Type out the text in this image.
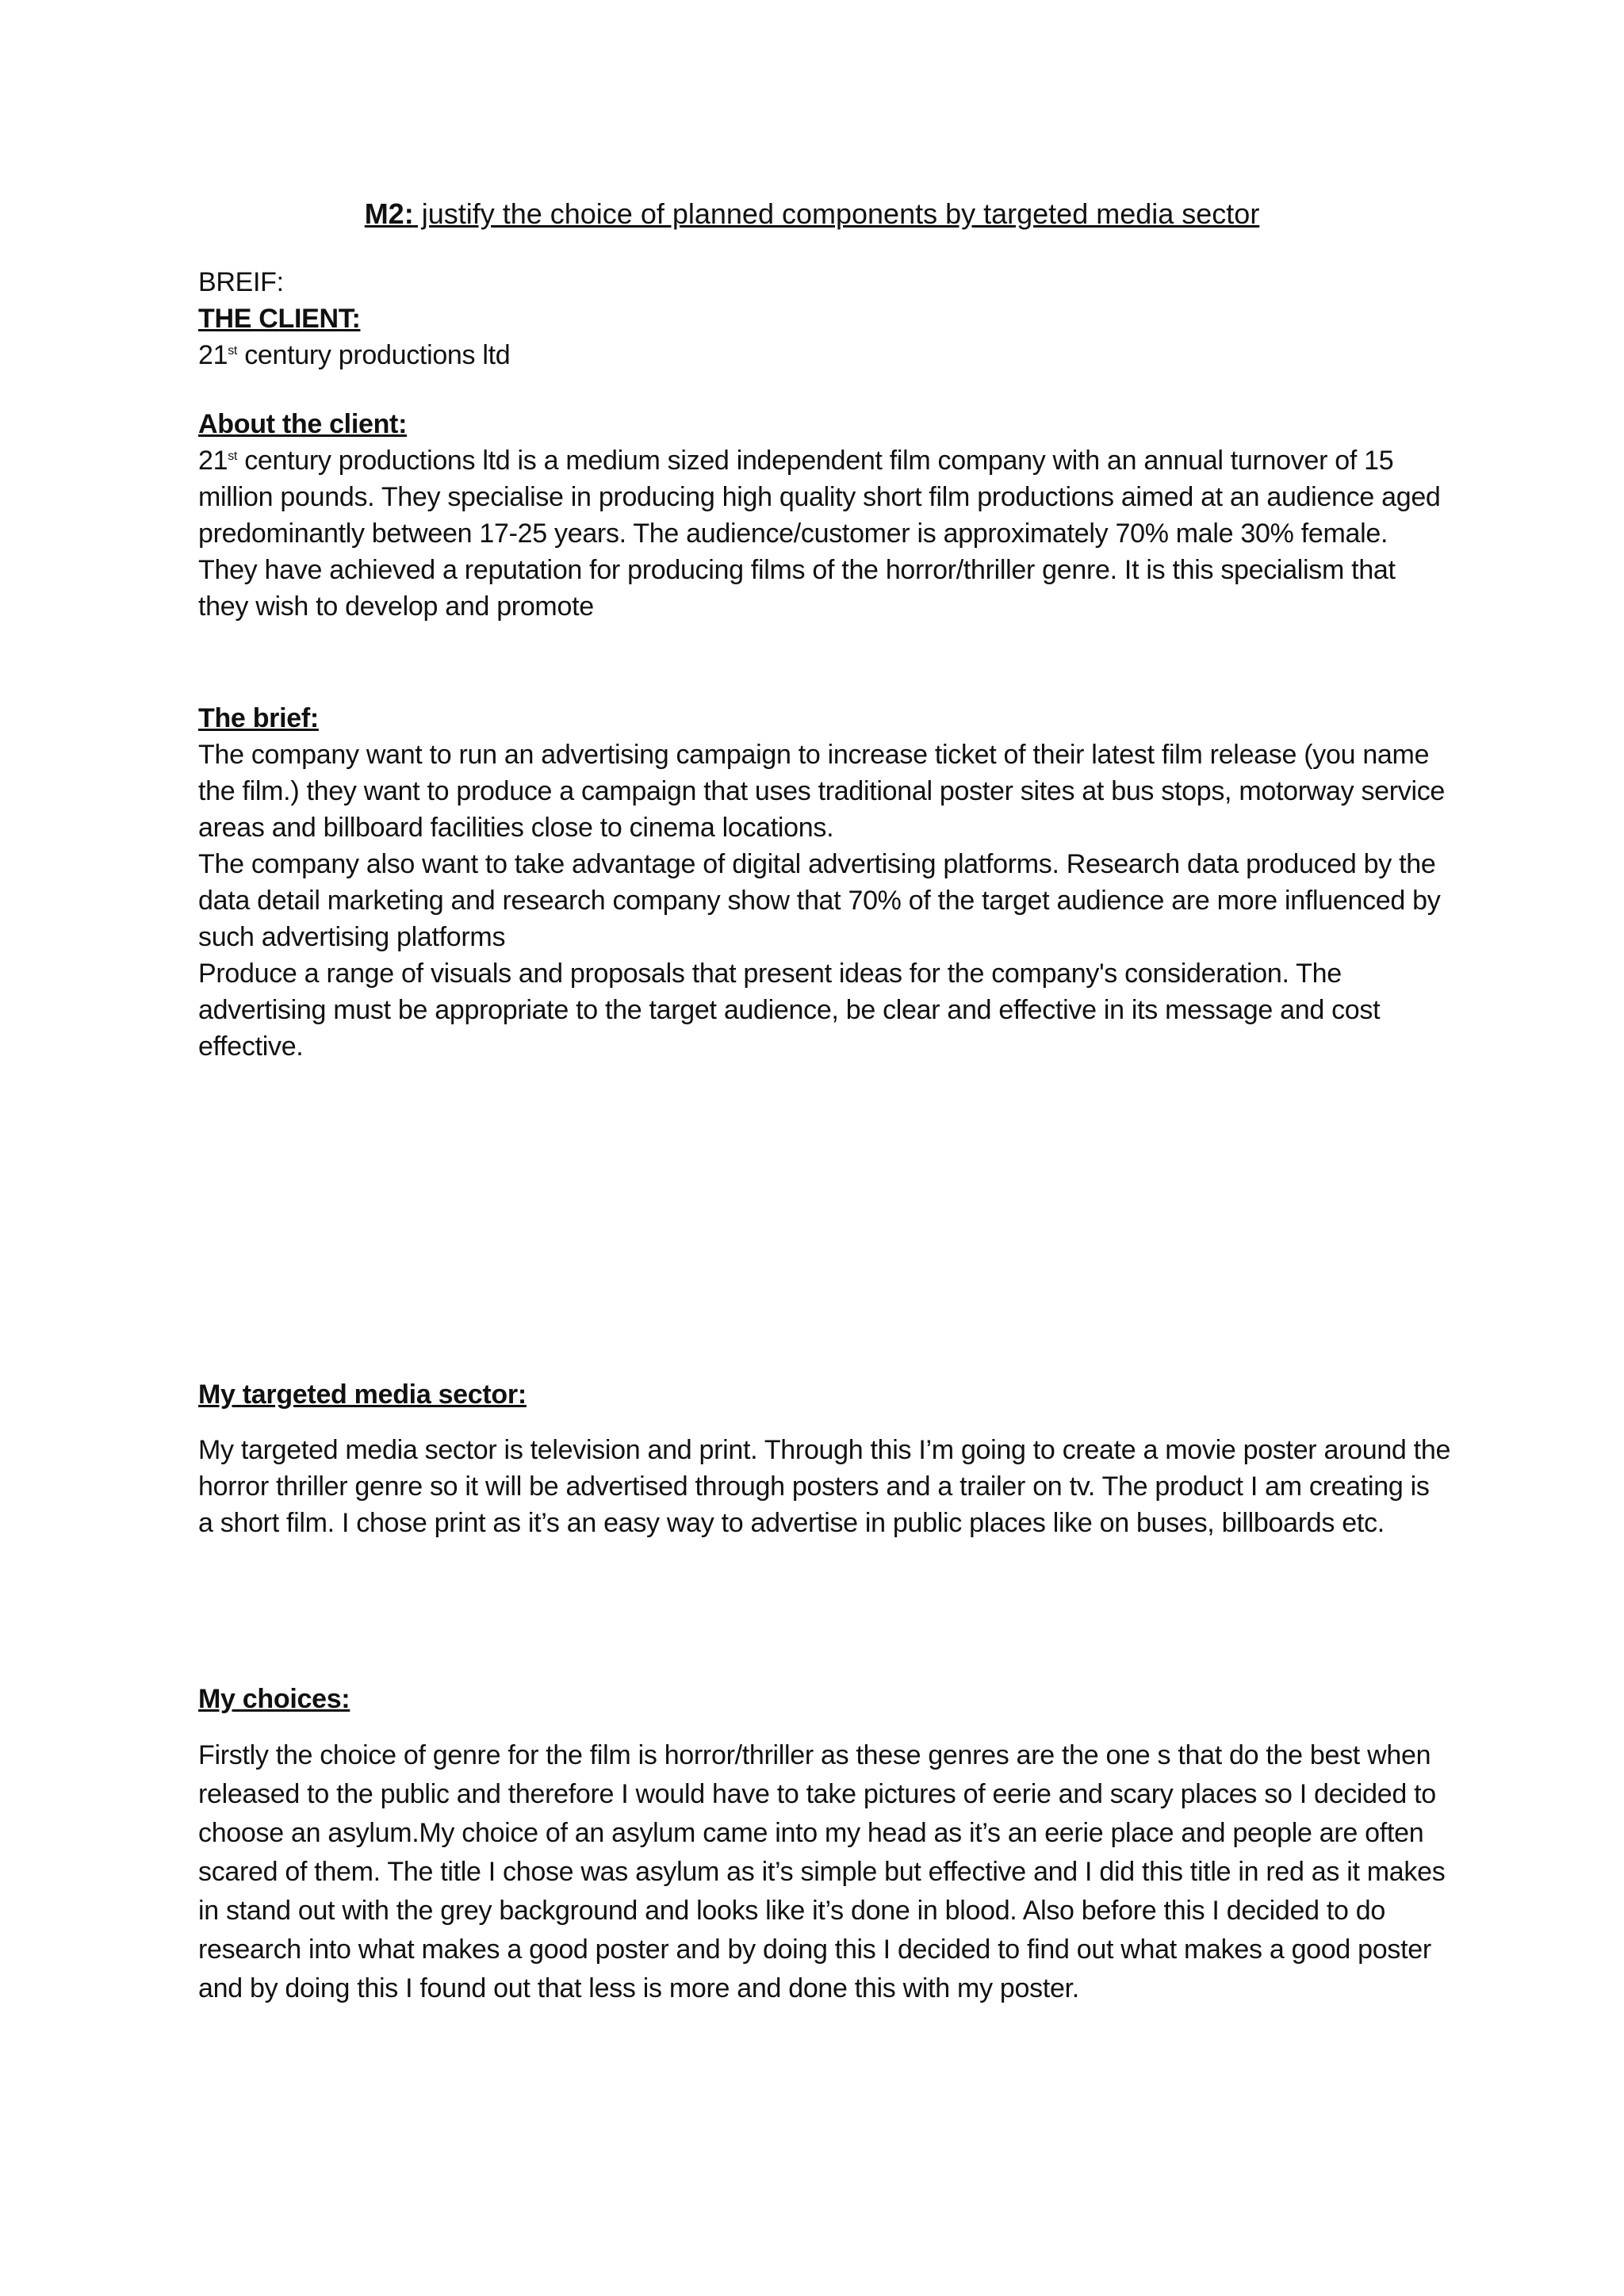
M2: justify the choice of planned components by targeted media sector

BREIF:

THE CLIENT:

21st century productions ltd

About the client:

21st century productions ltd is a medium sized independent film company with an annual turnover of 15 million pounds. They specialise in producing high quality short film productions aimed at an audience aged predominantly between 17-25 years. The audience/customer is approximately 70% male 30% female.

They have achieved a reputation for producing films of the horror/thriller genre. It is this specialism that they wish to develop and promote

The brief:

The company want to run an advertising campaign to increase ticket of their latest film release (you name the film.) they want to produce a campaign that uses traditional poster sites at bus stops, motorway service areas and billboard facilities close to cinema locations.

The company also want to take advantage of digital advertising platforms. Research data produced by the data detail marketing and research company show that 70% of the target audience are more influenced by such advertising platforms

Produce a range of visuals and proposals that present ideas for the company's consideration. The advertising must be appropriate to the target audience, be clear and effective in its message and cost effective.

My targeted media sector:

My targeted media sector is television and print. Through this I’m going to create a movie poster around the horror thriller genre so it will be advertised through posters and a trailer on tv. The product I am creating is a short film. I chose print as it’s an easy way to advertise in public places like on buses, billboards etc.

My choices:

Firstly the choice of genre for the film is horror/thriller as these genres are the one s that do the best when released to the public and therefore I would have to take pictures of eerie and scary places so I decided to choose an asylum.My choice of an asylum came into my head as it’s an eerie place and people are often scared of them. The title I chose was asylum as it’s simple but effective and I did this title in red as it makes in stand out with the grey background and looks like it’s done in blood. Also before this I decided to do research into what makes a good poster and by doing this I decided to find out what makes a good poster and by doing this I found out that less is more and done this with my poster.
